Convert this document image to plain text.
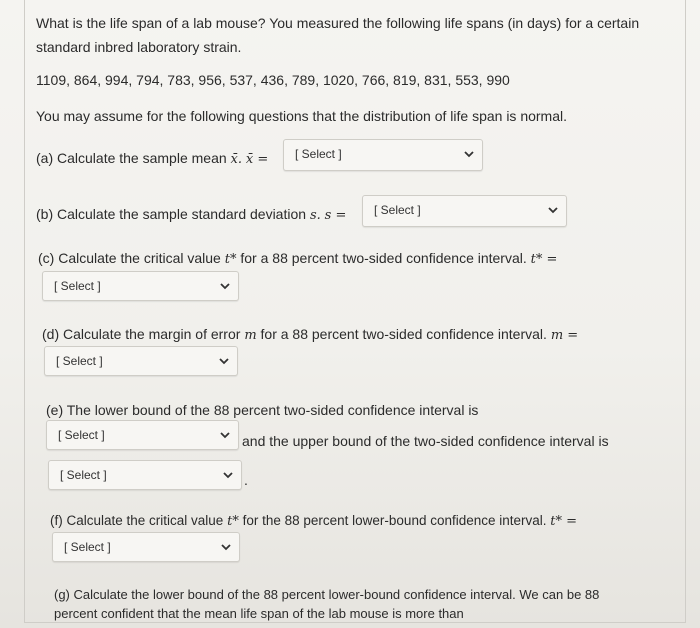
What is the life span of a lab mouse? You measured the following life spans (in days) for a certain
standard inbred laboratory strain.
1109, 864, 994, 794, 783, 956, 537, 436, 789, 1020, 766, 819, 831, 553, 990
You may assume for the following questions that the distribution of life span is normal.
(a) Calculate the sample mean x̄. x̄ = [ Select ]
(b) Calculate the sample standard deviation s. s = [ Select ]
(c) Calculate the critical value t* for a 88 percent two-sided confidence interval. t* =
[ Select ]
(d) Calculate the margin of error m for a 88 percent two-sided confidence interval. m =
[ Select ]
(e) The lower bound of the 88 percent two-sided confidence interval is
[ Select ]	and the upper bound of the two-sided confidence interval is
[ Select ]	.
(f) Calculate the critical value t* for the 88 percent lower-bound confidence interval. t* =
[ Select ]
(g) Calculate the lower bound of the 88 percent lower-bound confidence interval. We can be 88
percent confident that the mean life span of the lab mouse is more than
